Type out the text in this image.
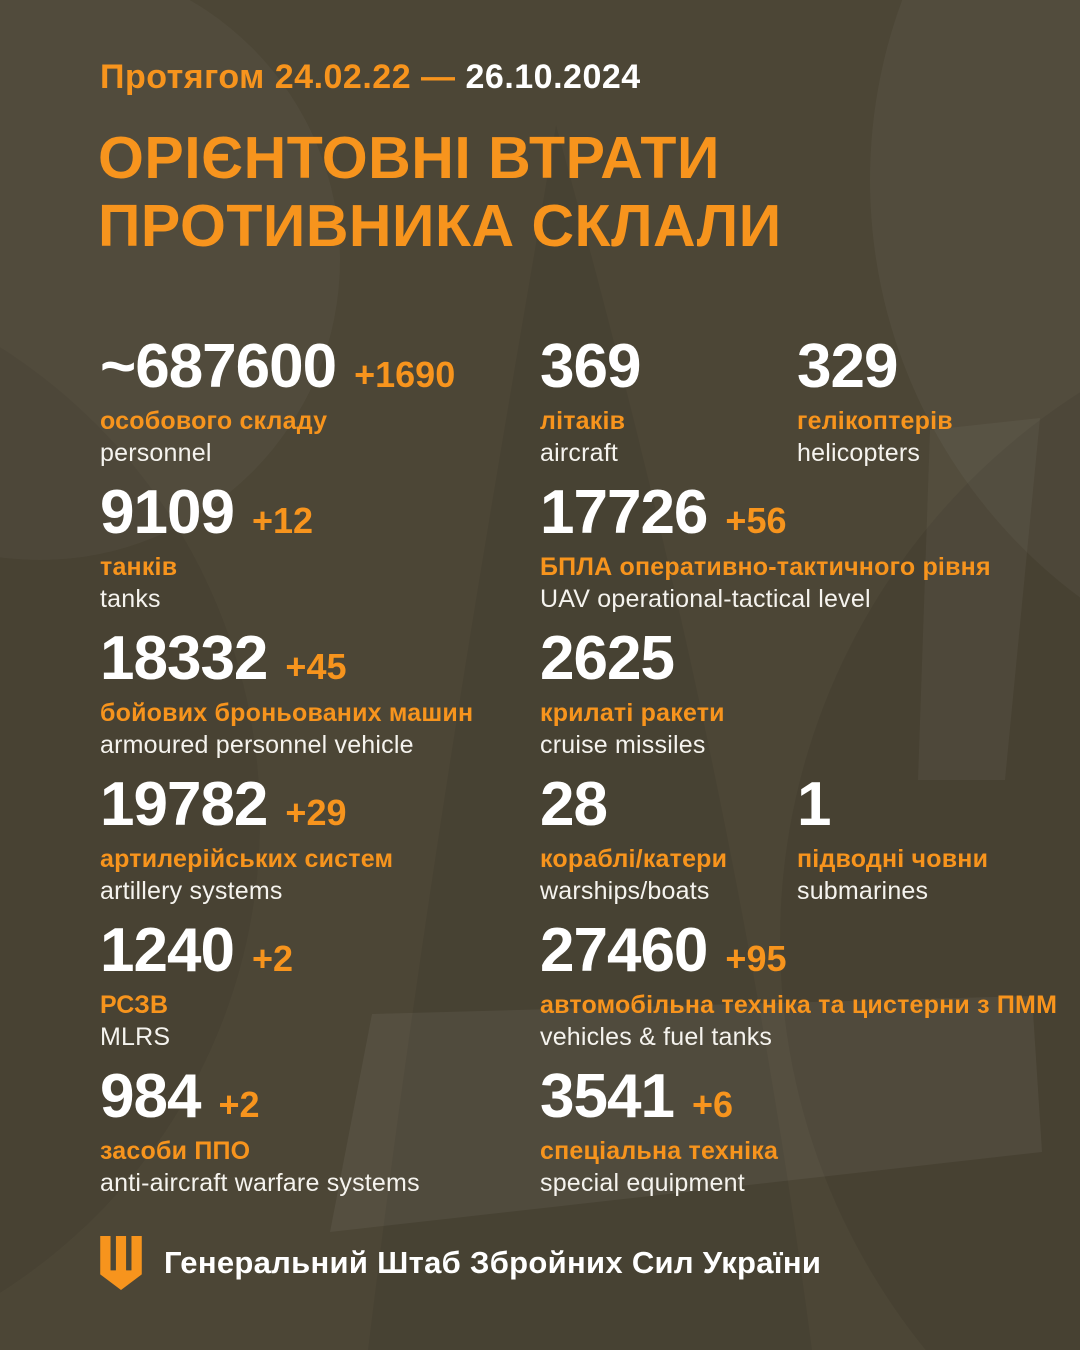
Протягом 24.02.22 — 26.10.2024
ОРІЄНТОВНІ ВТРАТИ
ПРОТИВНИКА СКЛАЛИ
~687600 +1690
особового складу
personnel
369
літаків
aircraft
329
гелікоптерів
helicopters
9109 +12
танків
tanks
17726 +56
БПЛА оперативно-тактичного рівня
UAV operational-tactical level
18332 +45
бойових броньованих машин
armoured personnel vehicle
2625
крилаті ракети
cruise missiles
19782 +29
артилерійських систем
artillery systems
28
кораблі/катери
warships/boats
1
підводні човни
submarines
1240 +2
РСЗВ
MLRS
27460 +95
автомобільна техніка та цистерни з ПММ
vehicles & fuel tanks
984 +2
засоби ППО
anti-aircraft warfare systems
3541 +6
спеціальна техніка
special equipment
Генеральний Штаб Збройних Сил України
